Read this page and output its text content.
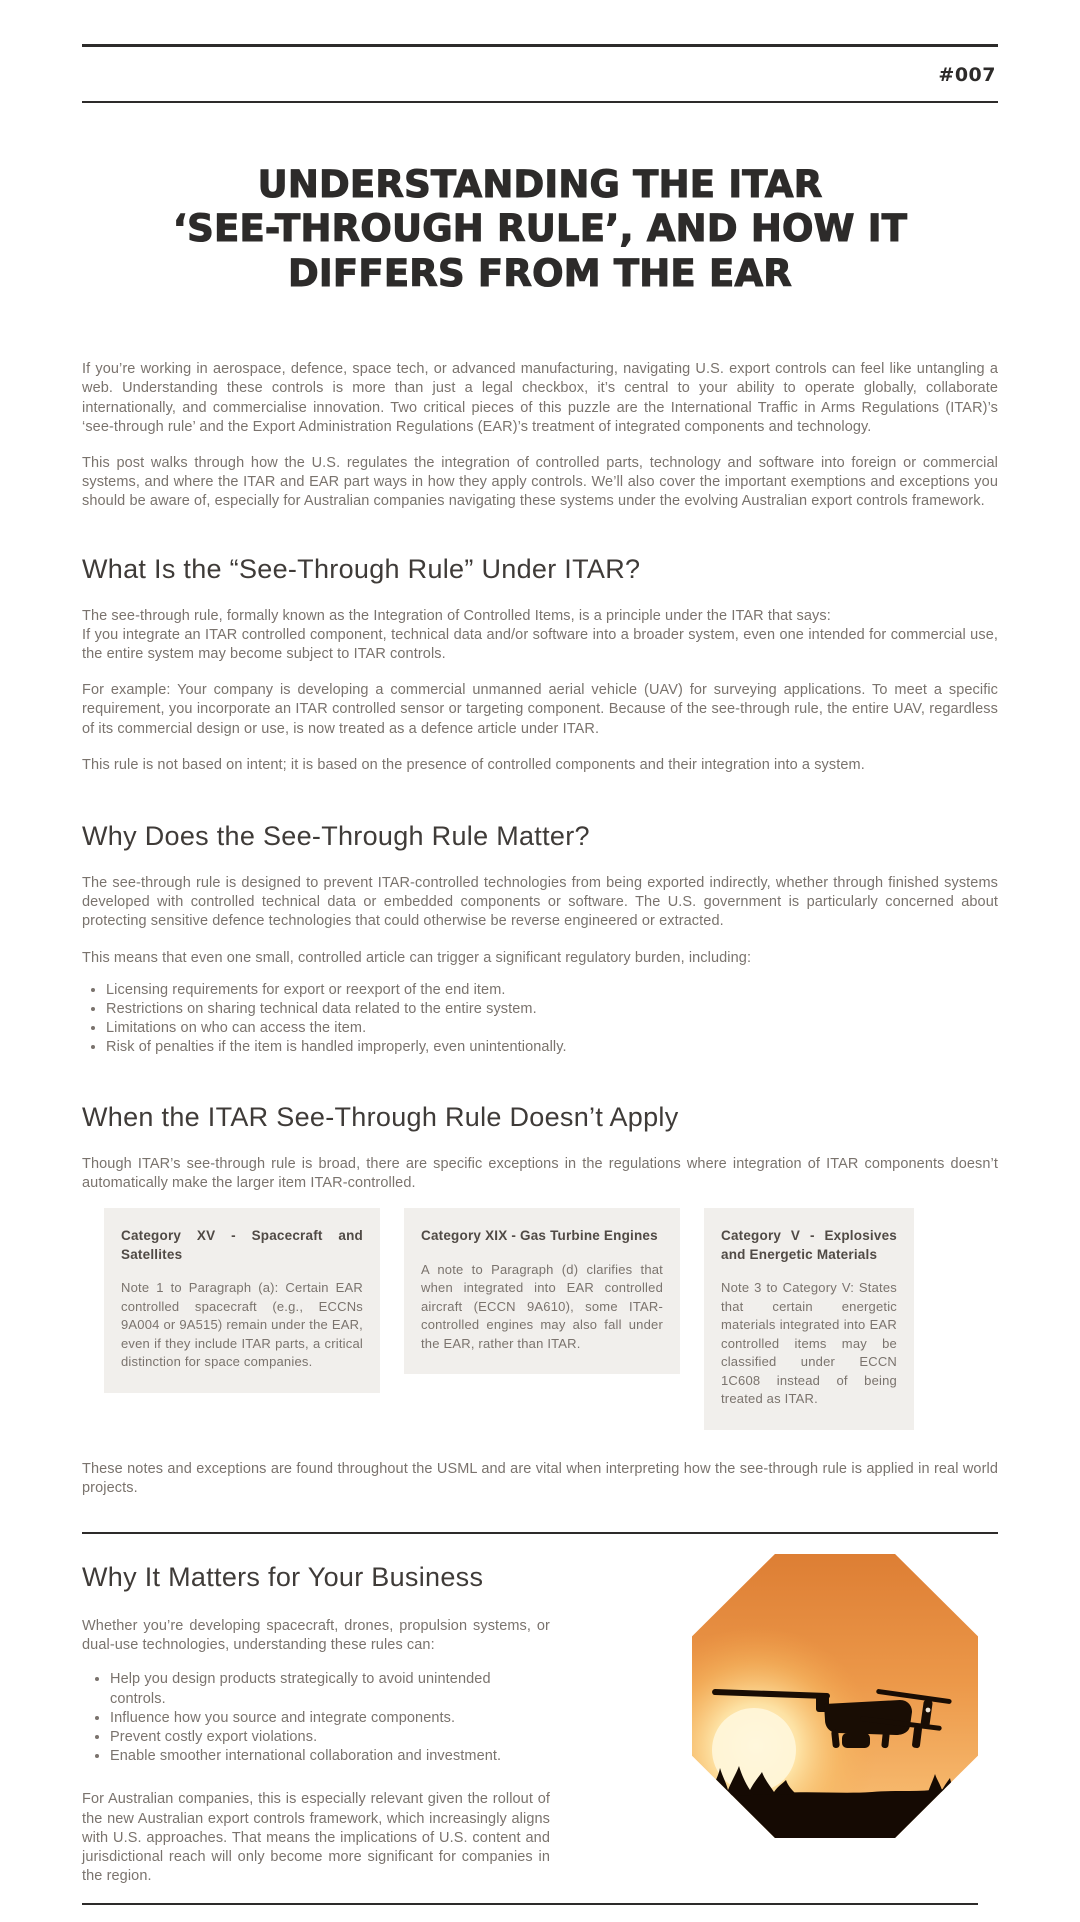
#007
UNDERSTANDING THE ITAR
‘SEE-THROUGH RULE’, AND HOW IT
DIFFERS FROM THE EAR

If you’re working in aerospace, defence, space tech, or advanced manufacturing, navigating U.S. export controls can feel like untangling a web. Understanding these controls is more than just a legal checkbox, it’s central to your ability to operate globally, collaborate internationally, and commercialise innovation. Two critical pieces of this puzzle are the International Traffic in Arms Regulations (ITAR)’s ‘see-through rule’ and the Export Administration Regulations (EAR)’s treatment of integrated components and technology.

This post walks through how the U.S. regulates the integration of controlled parts, technology and software into foreign or commercial systems, and where the ITAR and EAR part ways in how they apply controls. We’ll also cover the important exemptions and exceptions you should be aware of, especially for Australian companies navigating these systems under the evolving Australian export controls framework.

What Is the “See-Through Rule” Under ITAR?

The see-through rule, formally known as the Integration of Controlled Items, is a principle under the ITAR that says:

If you integrate an ITAR controlled component, technical data and/or software into a broader system, even one intended for commercial use, the entire system may become subject to ITAR controls.

For example: Your company is developing a commercial unmanned aerial vehicle (UAV) for surveying applications. To meet a specific requirement, you incorporate an ITAR controlled sensor or targeting component. Because of the see-through rule, the entire UAV, regardless of its commercial design or use, is now treated as a defence article under ITAR.

This rule is not based on intent; it is based on the presence of controlled components and their integration into a system.

Why Does the See-Through Rule Matter?

The see-through rule is designed to prevent ITAR-controlled technologies from being exported indirectly, whether through finished systems developed with controlled technical data or embedded components or software. The U.S. government is particularly concerned about protecting sensitive defence technologies that could otherwise be reverse engineered or extracted.

This means that even one small, controlled article can trigger a significant regulatory burden, including:

• Licensing requirements for export or reexport of the end item.
• Restrictions on sharing technical data related to the entire system.
• Limitations on who can access the item.
• Risk of penalties if the item is handled improperly, even unintentionally.
When the ITAR See-Through Rule Doesn’t Apply

Though ITAR’s see-through rule is broad, there are specific exceptions in the regulations where integration of ITAR components doesn’t automatically make the larger item ITAR-controlled.

Category XV - Spacecraft and Satellites
Note 1 to Paragraph (a): Certain EAR controlled spacecraft (e.g., ECCNs 9A004 or 9A515) remain under the EAR, even if they include ITAR parts, a critical distinction for space companies.
Category XIX - Gas Turbine Engines
A note to Paragraph (d) clarifies that when integrated into EAR controlled aircraft (ECCN 9A610), some ITAR-controlled engines may also fall under the EAR, rather than ITAR.
Category V - Explosives and Energetic Materials
Note 3 to Category V: States that certain energetic materials integrated into EAR controlled items may be classified under ECCN 1C608 instead of being treated as ITAR.

These notes and exceptions are found throughout the USML and are vital when interpreting how the see-through rule is applied in real world projects.

Why It Matters for Your Business

Whether you’re developing spacecraft, drones, propulsion systems, or dual-use technologies, understanding these rules can:

• Help you design products strategically to avoid unintended controls.
• Influence how you source and integrate components.
• Prevent costly export violations.
• Enable smoother international collaboration and investment.

For Australian companies, this is especially relevant given the rollout of the new Australian export controls framework, which increasingly aligns with U.S. approaches. That means the implications of U.S. content and jurisdictional reach will only become more significant for companies in the region.
